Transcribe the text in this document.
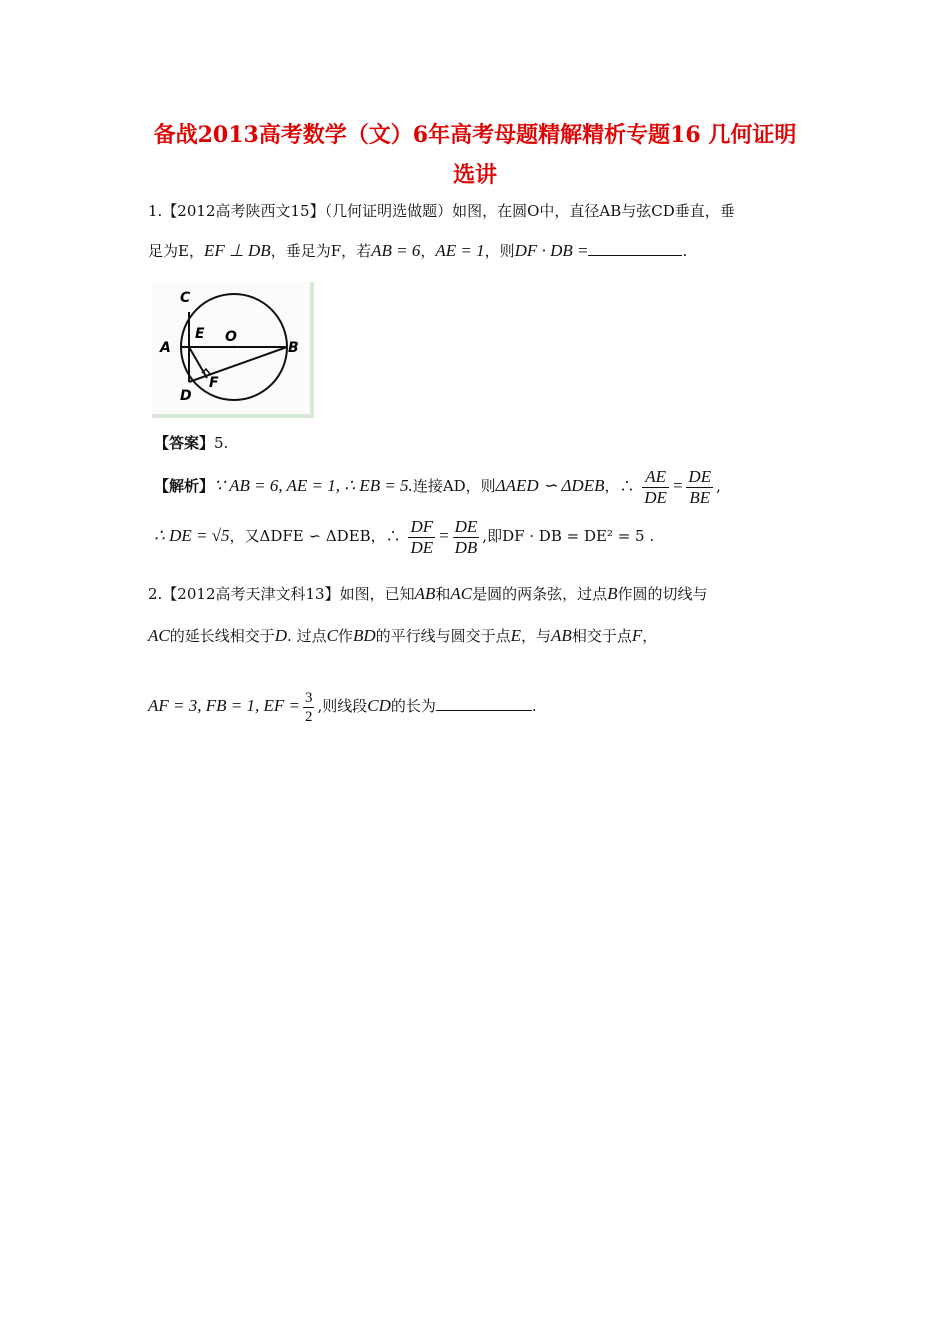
备战2013高考数学（文）6年高考母题精解精析专题16 几何证明
选讲
1.【2012高考陕西文15】（几何证明选做题）如图，在圆O中，直径AB与弦CD垂直，垂
足为E，EF ⊥ DB，垂足为F，若AB = 6，AE = 1，则DF · DB =	.
C
E O
A	B
D
F
【答案】5.
【解析】∵ AB = 6, AE = 1, ∴ EB = 5.连接AD，则ΔAED ∽ ΔDEB，∴ $\frac{AE}{DE} = \frac{DE}{BE}$ ,
∴ DE = √5，又ΔDFE ∽ ΔDEB，∴ $\frac{DF}{DE} = \frac{DE}{DB}$ ,即DF · DB = DE² = 5 .
2.【2012高考天津文科13】如图，已知AB和AC是圆的两条弦，过点B作圆的切线与
AC的延长线相交于D. 过点C作BD的平行线与圆交于点E，与AB相交于点F，
AF = 3, FB = 1, EF = $\frac{3}{2}$ ,则线段CD的长为	.
